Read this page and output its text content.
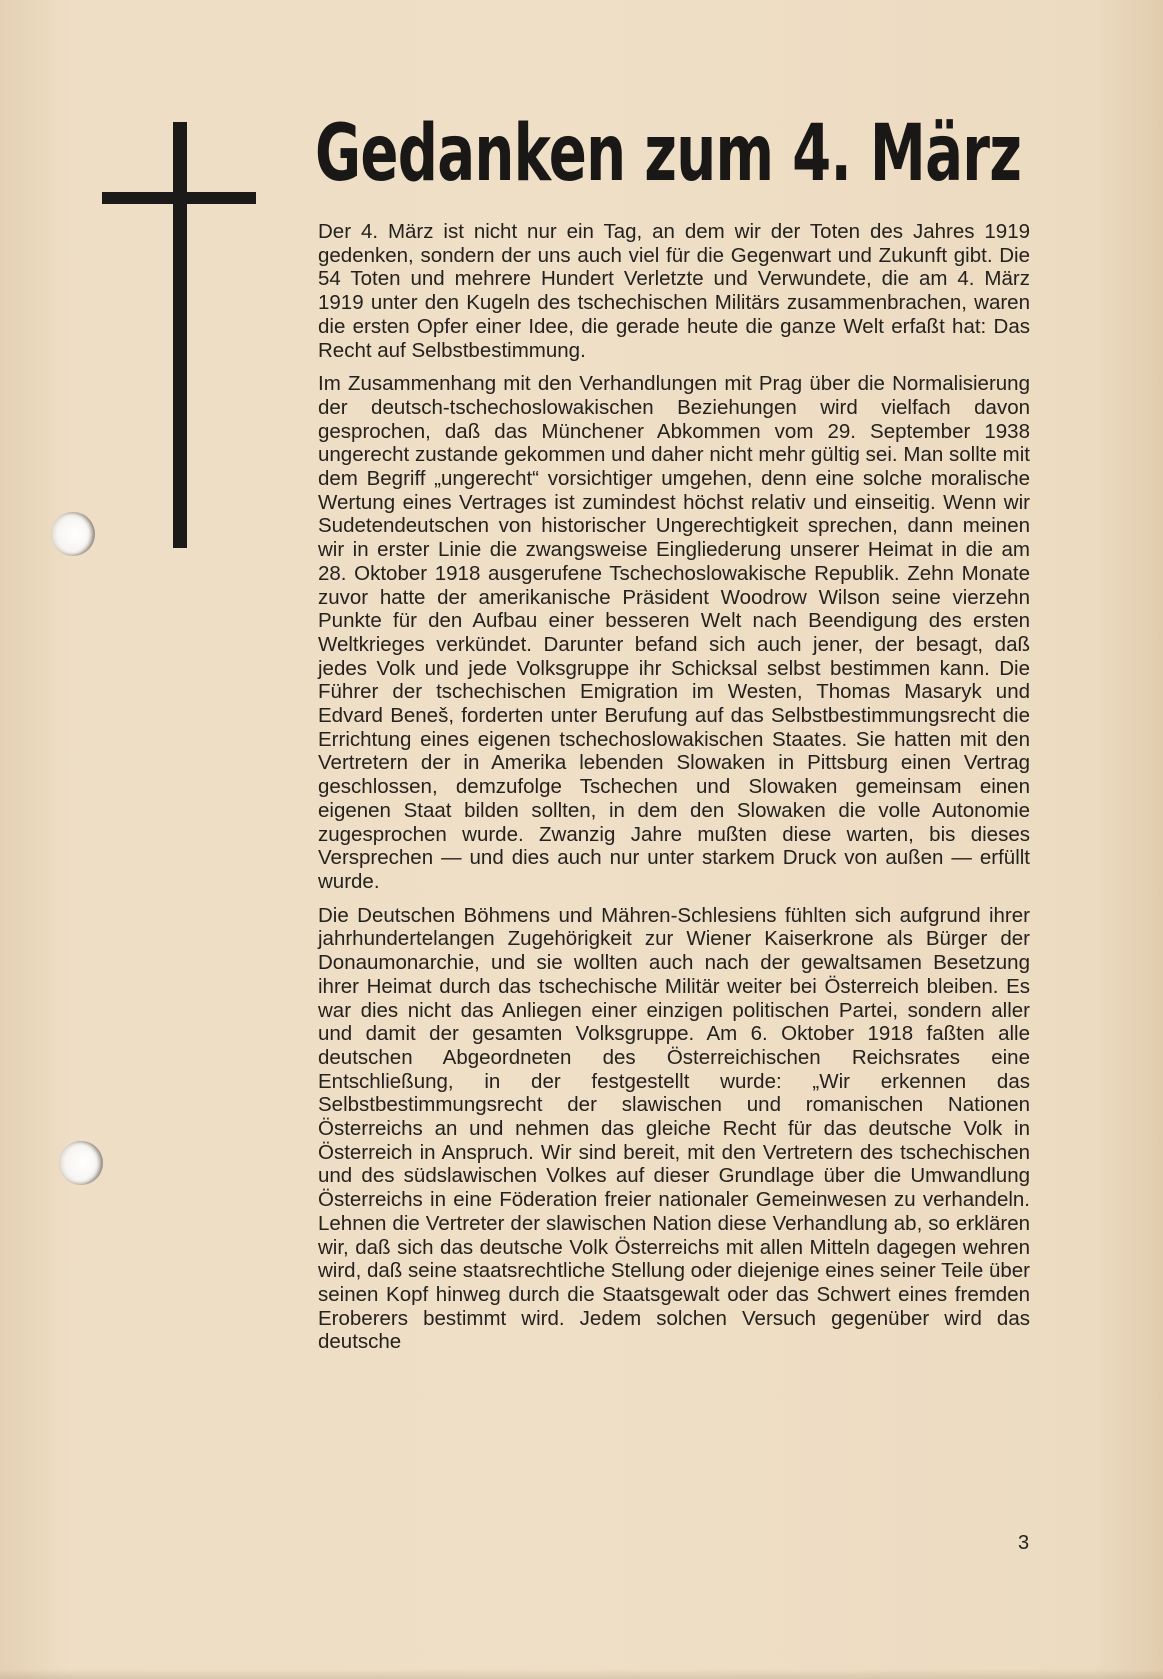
Gedanken zum 4. März

Der 4. März ist nicht nur ein Tag, an dem wir der Toten des Jahres 1919 gedenken, sondern der uns auch viel für die Gegenwart und Zukunft gibt. Die 54 Toten und mehrere Hundert Verletzte und Verwundete, die am 4. März 1919 unter den Kugeln des tschechischen Militärs zusammenbrachen, waren die ersten Opfer einer Idee, die gerade heute die ganze Welt erfaßt hat: Das Recht auf Selbstbestimmung.

Im Zusammenhang mit den Verhandlungen mit Prag über die Normalisierung der deutsch-tschechoslowakischen Beziehungen wird vielfach davon gesprochen, daß das Münchener Abkommen vom 29. September 1938 ungerecht zustande gekommen und daher nicht mehr gültig sei. Man sollte mit dem Begriff „ungerecht“ vorsichtiger umgehen, denn eine solche moralische Wertung eines Vertrages ist zumindest höchst relativ und einseitig. Wenn wir Sudetendeutschen von historischer Ungerechtigkeit sprechen, dann meinen wir in erster Linie die zwangsweise Eingliederung unserer Heimat in die am 28. Oktober 1918 ausgerufene Tschechoslowakische Republik. Zehn Monate zuvor hatte der amerikanische Präsident Woodrow Wilson seine vierzehn Punkte für den Aufbau einer besseren Welt nach Beendigung des ersten Weltkrieges verkündet. Darunter befand sich auch jener, der besagt, daß jedes Volk und jede Volksgruppe ihr Schicksal selbst bestimmen kann. Die Führer der tschechischen Emigration im Westen, Thomas Masaryk und Edvard Beneš, forderten unter Berufung auf das Selbstbestimmungsrecht die Errichtung eines eigenen tschechoslowakischen Staates. Sie hatten mit den Vertretern der in Amerika lebenden Slowaken in Pittsburg einen Vertrag geschlossen, demzufolge Tschechen und Slowaken gemeinsam einen eigenen Staat bilden sollten, in dem den Slowaken die volle Autonomie zugesprochen wurde. Zwanzig Jahre mußten diese warten, bis dieses Versprechen — und dies auch nur unter starkem Druck von außen — erfüllt wurde.

Die Deutschen Böhmens und Mähren-Schlesiens fühlten sich aufgrund ihrer jahrhundertelangen Zugehörigkeit zur Wiener Kaiserkrone als Bürger der Donaumonarchie, und sie wollten auch nach der gewaltsamen Besetzung ihrer Heimat durch das tschechische Militär weiter bei Österreich bleiben. Es war dies nicht das Anliegen einer einzigen politischen Partei, sondern aller und damit der gesamten Volksgruppe. Am 6. Oktober 1918 faßten alle deutschen Abgeordneten des Österreichischen Reichsrates eine Entschließung, in der festgestellt wurde: „Wir erkennen das Selbstbestimmungsrecht der slawischen und romanischen Nationen Österreichs an und nehmen das gleiche Recht für das deutsche Volk in Österreich in Anspruch. Wir sind bereit, mit den Vertretern des tschechischen und des südslawischen Volkes auf dieser Grundlage über die Umwandlung Österreichs in eine Föderation freier nationaler Gemeinwesen zu verhandeln. Lehnen die Vertreter der slawischen Nation diese Verhandlung ab, so erklären wir, daß sich das deutsche Volk Österreichs mit allen Mitteln dagegen wehren wird, daß seine staatsrechtliche Stellung oder diejenige eines seiner Teile über seinen Kopf hinweg durch die Staatsgewalt oder das Schwert eines fremden Eroberers bestimmt wird. Jedem solchen Versuch gegenüber wird das deutsche

3
